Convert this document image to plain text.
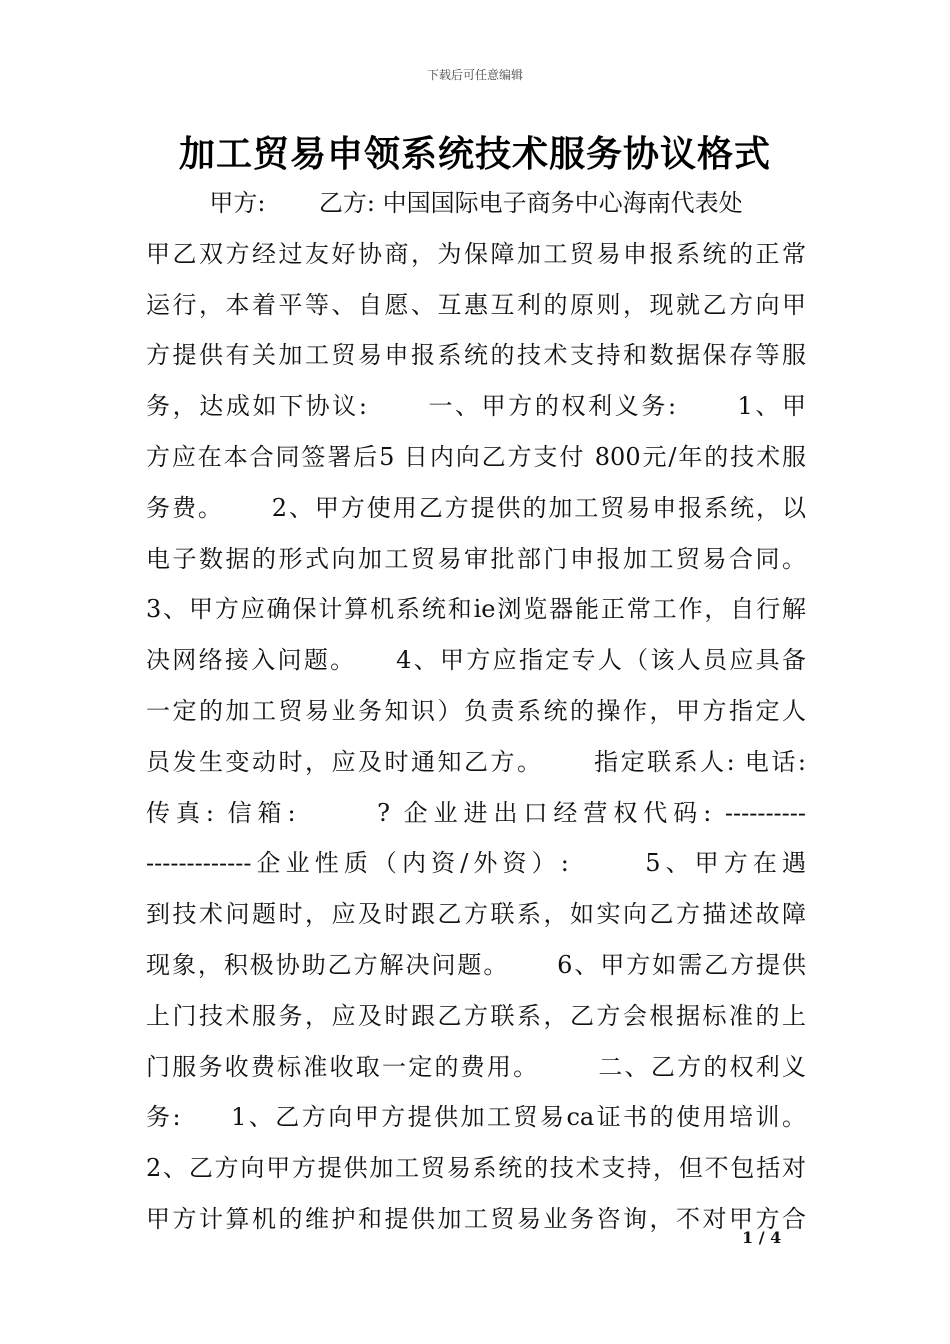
下载后可任意编辑
加工贸易申领系统技术服务协议格式
甲方:       乙方: 中国国际电子商务中心海南代表处
甲乙双方经过友好协商，为保障加工贸易申报系统的正常
运行，本着平等、自愿、互惠互利的原则，现就乙方向甲
方提供有关加工贸易申报系统的技术支持和数据保存等服
务，达成如下协议:      一、甲方的权利义务:      1、甲
方应在本合同签署后5 日内向乙方支付 800元/年的技术服
务费。     2、甲方使用乙方提供的加工贸易申报系统，以
电子数据的形式向加工贸易审批部门申报加工贸易合同。
3、甲方应确保计算机系统和ie浏览器能正常工作，自行解
决网络接入问题。    4、甲方应指定专人（该人员应具备
一定的加工贸易业务知识）负责系统的操作，甲方指定人
员发生变动时，应及时通知乙方。     指定联系人: 电话:
传真: 信箱:      ? 企业进出口经营权代码: ----------
-------------企业性质（内资/外资）:      5、甲方在遇
到技术问题时，应及时跟乙方联系，如实向乙方描述故障
现象，积极协助乙方解决问题。     6、甲方如需乙方提供
上门技术服务，应及时跟乙方联系，乙方会根据标准的上
门服务收费标准收取一定的费用。      二、乙方的权利义
务:     1、乙方向甲方提供加工贸易ca证书的使用培训。
2、乙方向甲方提供加工贸易系统的技术支持，但不包括对
甲方计算机的维护和提供加工贸易业务咨询，不对甲方合
1 / 4
